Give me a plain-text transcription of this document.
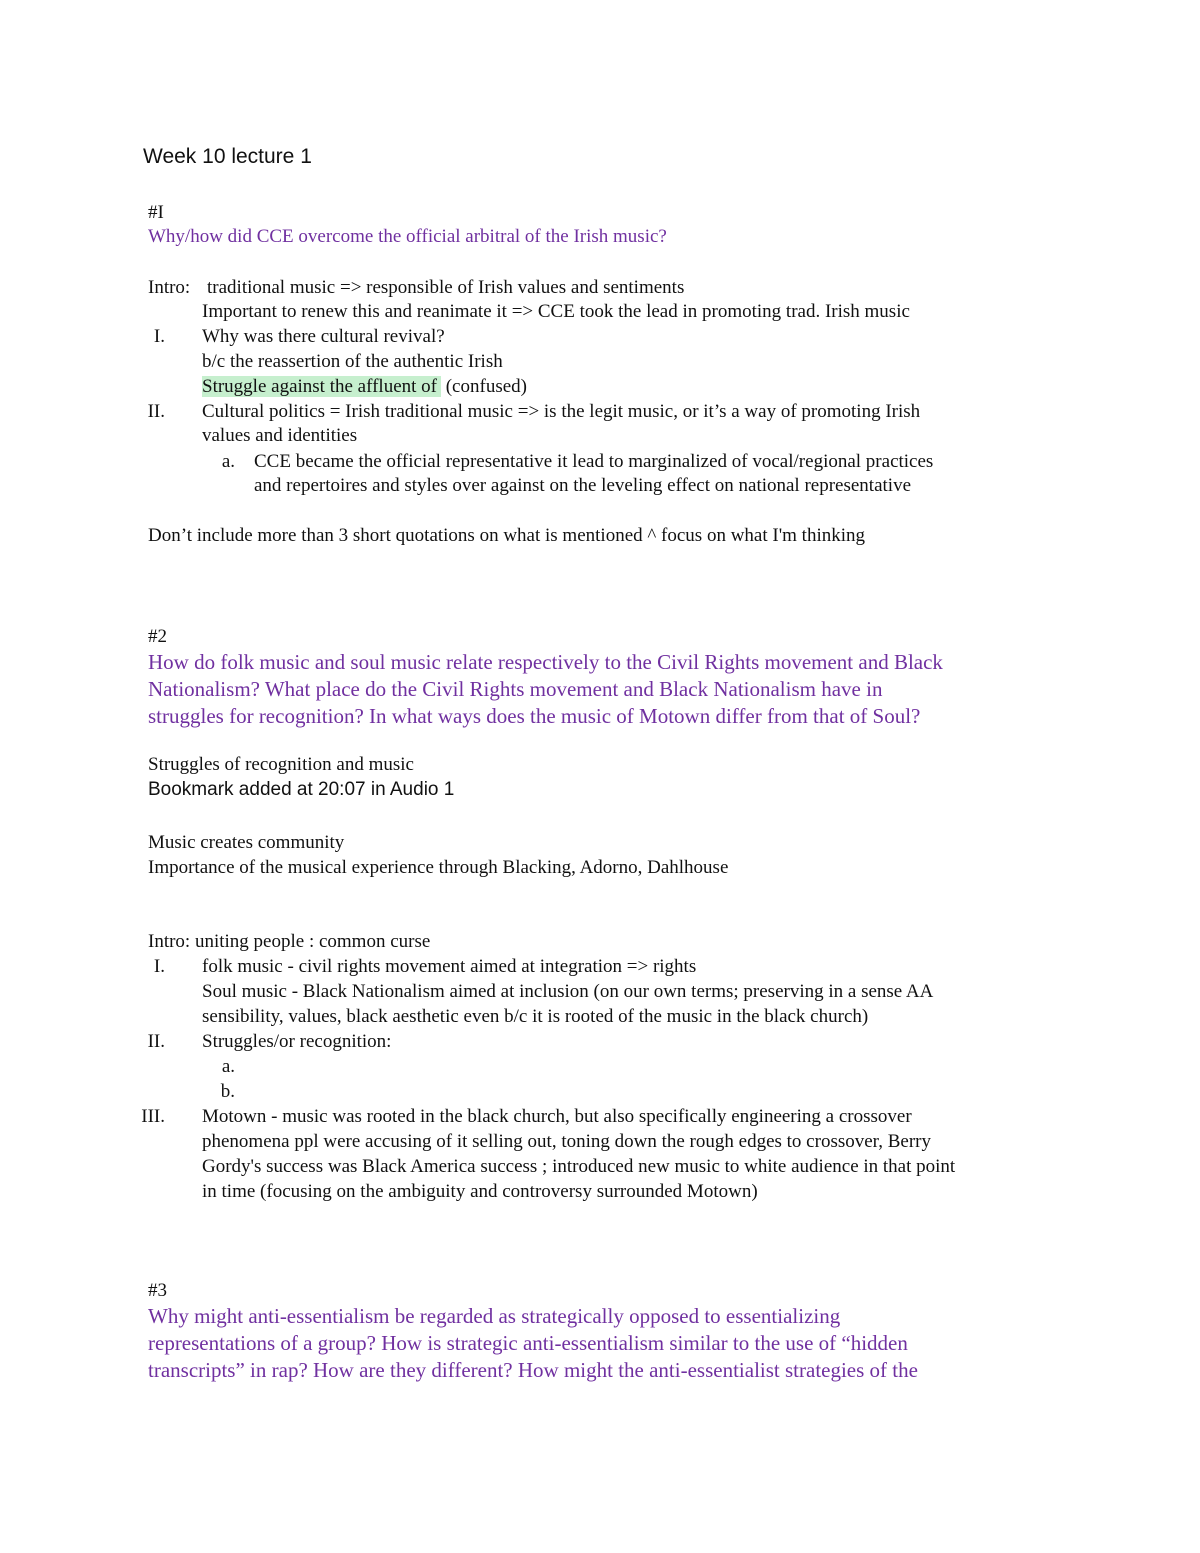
Week 10 lecture 1
#I
Why/how did CCE overcome the official arbitral of the Irish music?
Intro: traditional music => responsible of Irish values and sentiments
Important to renew this and reanimate it => CCE took the lead in promoting trad. Irish music
I. Why was there cultural revival?
b/c the reassertion of the authentic Irish
Struggle against the affluent of (confused)
II. Cultural politics = Irish traditional music => is the legit music, or it’s a way of promoting Irish
values and identities
a. CCE became the official representative it lead to marginalized of vocal/regional practices
and repertoires and styles over against on the leveling effect on national representative
Don’t include more than 3 short quotations on what is mentioned ^ focus on what I'm thinking
#2
How do folk music and soul music relate respectively to the Civil Rights movement and Black
Nationalism? What place do the Civil Rights movement and Black Nationalism have in
struggles for recognition? In what ways does the music of Motown differ from that of Soul?
Struggles of recognition and music
Bookmark added at 20:07 in Audio 1
Music creates community
Importance of the musical experience through Blacking, Adorno, Dahlhouse
Intro: uniting people : common curse
I. folk music - civil rights movement aimed at integration => rights
Soul music - Black Nationalism aimed at inclusion (on our own terms; preserving in a sense AA
sensibility, values, black aesthetic even b/c it is rooted of the music in the black church)
II. Struggles/or recognition:
a.
b.
III. Motown - music was rooted in the black church, but also specifically engineering a crossover
phenomena ppl were accusing of it selling out, toning down the rough edges to crossover, Berry
Gordy's success was Black America success ; introduced new music to white audience in that point
in time (focusing on the ambiguity and controversy surrounded Motown)
#3
Why might anti-essentialism be regarded as strategically opposed to essentializing
representations of a group? How is strategic anti-essentialism similar to the use of “hidden
transcripts” in rap? How are they different? How might the anti-essentialist strategies of the
